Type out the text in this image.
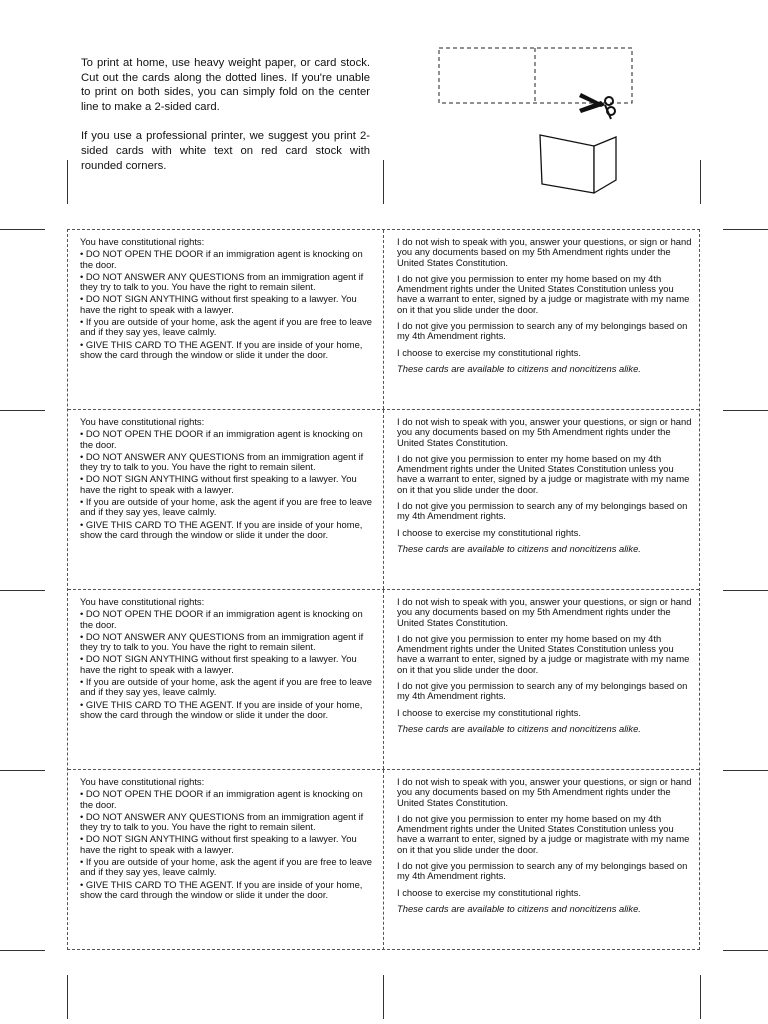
To print at home, use heavy weight paper, or card stock. Cut out the cards along the dotted lines. If you're unable to print on both sides, you can simply fold on the center line to make a 2-sided card.

If you use a professional printer, we suggest you print 2-sided cards with white text on red card stock with rounded corners.

You have constitutional rights:
• DO NOT OPEN THE DOOR if an immigration agent is knocking on the door.
• DO NOT ANSWER ANY QUESTIONS from an immigration agent if they try to talk to you. You have the right to remain silent.
• DO NOT SIGN ANYTHING without first speaking to a lawyer. You have the right to speak with a lawyer.
• If you are outside of your home, ask the agent if you are free to leave and if they say yes, leave calmly.
• GIVE THIS CARD TO THE AGENT. If you are inside of your home, show the card through the window or slide it under the door.
I do not wish to speak with you, answer your questions, or sign or hand you any documents based on my 5th Amendment rights under the United States Constitution.
I do not give you permission to enter my home based on my 4th Amendment rights under the United States Constitution unless you have a warrant to enter, signed by a judge or magistrate with my name on it that you slide under the door.
I do not give you permission to search any of my belongings based on my 4th Amendment rights.
I choose to exercise my constitutional rights.
These cards are available to citizens and noncitizens alike.
You have constitutional rights:
• DO NOT OPEN THE DOOR if an immigration agent is knocking on the door.
• DO NOT ANSWER ANY QUESTIONS from an immigration agent if they try to talk to you. You have the right to remain silent.
• DO NOT SIGN ANYTHING without first speaking to a lawyer. You have the right to speak with a lawyer.
• If you are outside of your home, ask the agent if you are free to leave and if they say yes, leave calmly.
• GIVE THIS CARD TO THE AGENT. If you are inside of your home, show the card through the window or slide it under the door.
I do not wish to speak with you, answer your questions, or sign or hand you any documents based on my 5th Amendment rights under the United States Constitution.
I do not give you permission to enter my home based on my 4th Amendment rights under the United States Constitution unless you have a warrant to enter, signed by a judge or magistrate with my name on it that you slide under the door.
I do not give you permission to search any of my belongings based on my 4th Amendment rights.
I choose to exercise my constitutional rights.
These cards are available to citizens and noncitizens alike.
You have constitutional rights:
• DO NOT OPEN THE DOOR if an immigration agent is knocking on the door.
• DO NOT ANSWER ANY QUESTIONS from an immigration agent if they try to talk to you. You have the right to remain silent.
• DO NOT SIGN ANYTHING without first speaking to a lawyer. You have the right to speak with a lawyer.
• If you are outside of your home, ask the agent if you are free to leave and if they say yes, leave calmly.
• GIVE THIS CARD TO THE AGENT. If you are inside of your home, show the card through the window or slide it under the door.
I do not wish to speak with you, answer your questions, or sign or hand you any documents based on my 5th Amendment rights under the United States Constitution.
I do not give you permission to enter my home based on my 4th Amendment rights under the United States Constitution unless you have a warrant to enter, signed by a judge or magistrate with my name on it that you slide under the door.
I do not give you permission to search any of my belongings based on my 4th Amendment rights.
I choose to exercise my constitutional rights.
These cards are available to citizens and noncitizens alike.
You have constitutional rights:
• DO NOT OPEN THE DOOR if an immigration agent is knocking on the door.
• DO NOT ANSWER ANY QUESTIONS from an immigration agent if they try to talk to you. You have the right to remain silent.
• DO NOT SIGN ANYTHING without first speaking to a lawyer. You have the right to speak with a lawyer.
• If you are outside of your home, ask the agent if you are free to leave and if they say yes, leave calmly.
• GIVE THIS CARD TO THE AGENT. If you are inside of your home, show the card through the window or slide it under the door.
I do not wish to speak with you, answer your questions, or sign or hand you any documents based on my 5th Amendment rights under the United States Constitution.
I do not give you permission to enter my home based on my 4th Amendment rights under the United States Constitution unless you have a warrant to enter, signed by a judge or magistrate with my name on it that you slide under the door.
I do not give you permission to search any of my belongings based on my 4th Amendment rights.
I choose to exercise my constitutional rights.
These cards are available to citizens and noncitizens alike.
